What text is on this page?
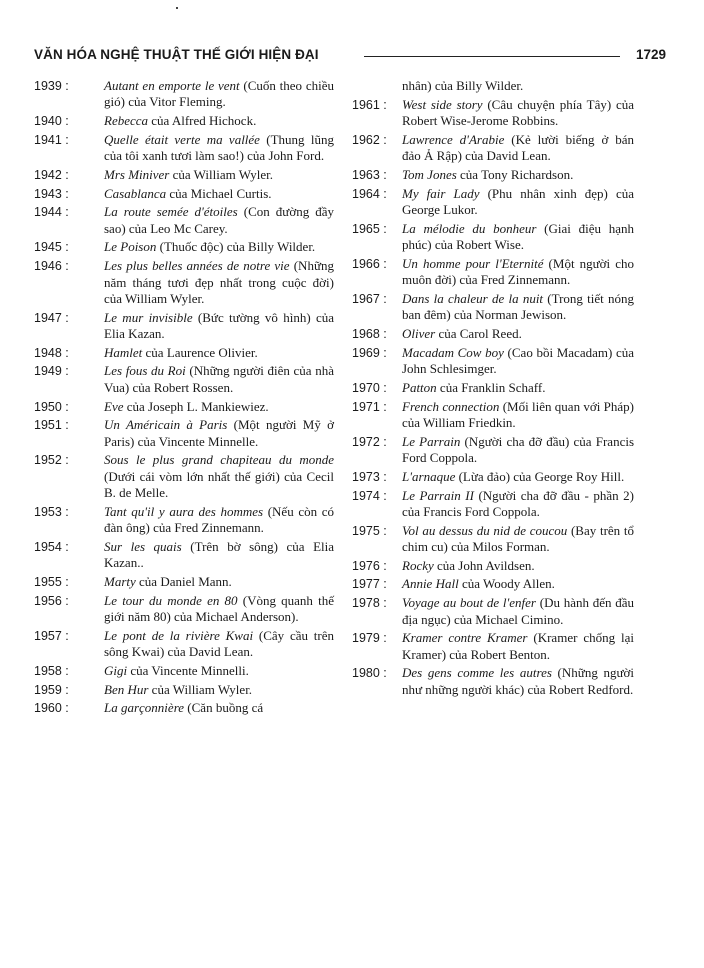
VĂN HÓA NGHỆ THUẬT THẾ GIỚI HIỆN ĐẠI	1729
1939 :	Autant en emporte le vent (Cuốn theo chiều gió) của Vitor Fleming.
1940 :	Rebecca của Alfred Hichock.
1941 :	Quelle était verte ma vallée (Thung lũng của tôi xanh tươi làm sao!) của John Ford.
1942 :	Mrs Miniver của William Wyler.
1943 :	Casablanca của Michael Curtis.
1944 :	La route semée d'étoiles (Con đường đầy sao) của Leo Mc Carey.
1945 :	Le Poison (Thuốc độc) của Billy Wilder.
1946 :	Les plus belles années de notre vie (Những năm tháng tươi đẹp nhất trong cuộc đời) của William Wyler.
1947 :	Le mur invisible (Bức tường vô hình) của Elia Kazan.
1948 :	Hamlet của Laurence Olivier.
1949 :	Les fous du Roi (Những người điên của nhà Vua) của Robert Rossen.
1950 :	Eve của Joseph L. Mankiewiez.
1951 :	Un Américain à Paris (Một người Mỹ ở Paris) của Vincente Minnelle.
1952 :	Sous le plus grand chapiteau du monde (Dưới cái vòm lớn nhất thế giới) của Cecil B. de Melle.
1953 :	Tant qu'il y aura des hommes (Nếu còn có đàn ông) của Fred Zinnemann.
1954 :	Sur les quais (Trên bờ sông) của Elia Kazan..
1955 :	Marty của Daniel Mann.
1956 :	Le tour du monde en 80 (Vòng quanh thế giới năm 80) của Michael Anderson).
1957 :	Le pont de la rivière Kwai (Cây cầu trên sông Kwai) của David Lean.
1958 :	Gigi của Vincente Minnelli.
1959 :	Ben Hur của William Wyler.
1960 :	La garçonnière (Căn buồng cá
nhân) của Billy Wilder.
1961 :	West side story (Câu chuyện phía Tây) của Robert Wise-Jerome Robbins.
1962 :	Lawrence d'Arabie (Kẻ lười biếng ở bán đảo Ả Rập) của David Lean.
1963 :	Tom Jones của Tony Richardson.
1964 :	My fair Lady (Phu nhân xinh đẹp) của George Lukor.
1965 :	La mélodie du bonheur (Giai điệu hạnh phúc) của Robert Wise.
1966 :	Un homme pour l'Eternité (Một người cho muôn đời) của Fred Zinnemann.
1967 :	Dans la chaleur de la nuit (Trong tiết nóng ban đêm) của Norman Jewison.
1968 :	Oliver của Carol Reed.
1969 :	Macadam Cow boy (Cao bồi Macadam) của John Schlesimger.
1970 :	Patton của Franklin Schaff.
1971 :	French connection (Mối liên quan với Pháp) của William Friedkin.
1972 :	Le Parrain (Người cha đỡ đầu) của Francis Ford Coppola.
1973 :	L'arnaque (Lừa đảo) của George Roy Hill.
1974 :	Le Parrain II (Người cha đỡ đầu - phần 2) của Francis Ford Coppola.
1975 :	Vol au dessus du nid de coucou (Bay trên tổ chim cu) của Milos Forman.
1976 :	Rocky của John Avildsen.
1977 :	Annie Hall của Woody Allen.
1978 :	Voyage au bout de l'enfer (Du hành đến đầu địa ngục) của Michael Cimino.
1979 :	Kramer contre Kramer (Kramer chống lại Kramer) của Robert Benton.
1980 :	Des gens comme les autres (Những người như những người khác) của Robert Redford.
